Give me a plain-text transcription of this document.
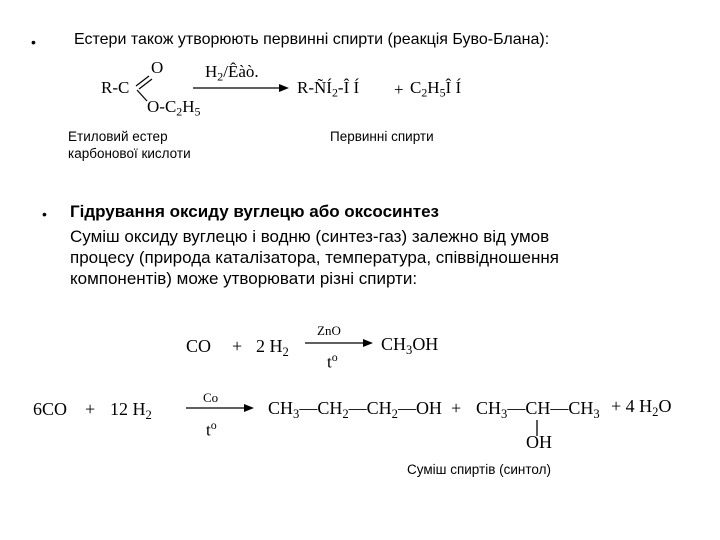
• Естери також утворюють первинні спирти (реакція Буво-Блана):
R-C
O
$O-C_2H_5$
$H_2$/Êàò.
$R-ÑÍ_2-Î$ Í + $C_2H_5Î$ Í
Етиловий естер
карбонової кислоти
Первинні спирти
• Гідрування оксиду вуглецю або оксосинтез
Суміш оксиду вуглецю і водню (синтез-газ) залежно від умов
процесу (природа каталізатора, температура, співвідношення
компонентів) може утворювати різні спирти:
CO + 2 $H_2$
ZnO
$t^o$
$CH_3OH$
6CO + 12 $H_2$
Co
$t^o$
$CH_3—CH_2—CH_2—OH$ + $CH_3—CH—CH_3$
OH
+ 4 $H_2O$
Суміш спиртів (синтол)
